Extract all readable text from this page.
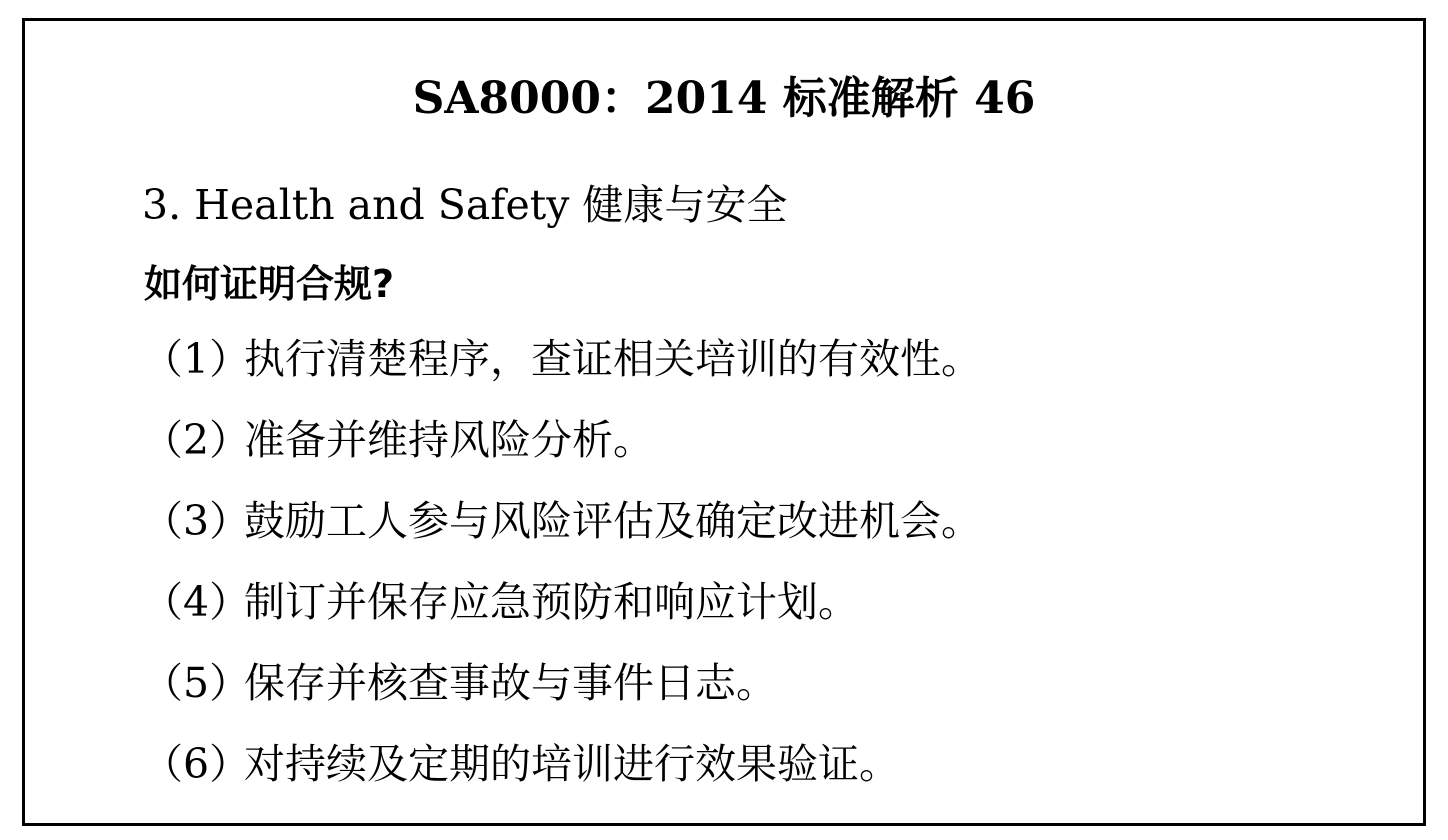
SA8000：2014 标准解析 46
3. Health and Safety 健康与安全
如何证明合规?
（1）
执行清楚程序，查证相关培训的有效性。
（2）
准备并维持风险分析。
（3）
鼓励工人参与风险评估及确定改进机会。
（4）
制订并保存应急预防和响应计划。
（5）
保存并核查事故与事件日志。
（6）
对持续及定期的培训进行效果验证。
